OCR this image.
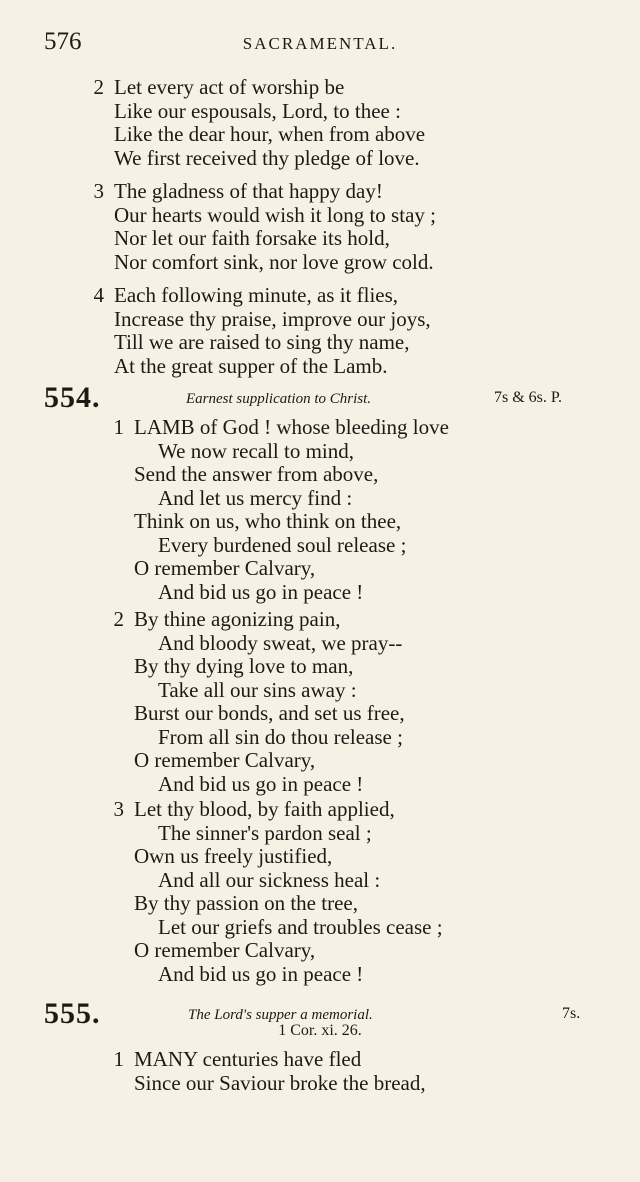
576	SACRAMENTAL.
2 Let every act of worship be
Like our espousals, Lord, to thee :
Like the dear hour, when from above
We first received thy pledge of love.
3 The gladness of that happy day!
Our hearts would wish it long to stay ;
Nor let our faith forsake its hold,
Nor comfort sink, nor love grow cold.
4 Each following minute, as it flies,
Increase thy praise, improve our joys,
Till we are raised to sing thy name,
At the great supper of the Lamb.
554.	Earnest supplication to Christ.	7s & 6s. P.
1 LAMB of God ! whose bleeding love
We now recall to mind,
Send the answer from above,
And let us mercy find :
Think on us, who think on thee,
Every burdened soul release ;
O remember Calvary,
And bid us go in peace !
2 By thine agonizing pain,
And bloody sweat, we pray--
By thy dying love to man,
Take all our sins away :
Burst our bonds, and set us free,
From all sin do thou release ;
O remember Calvary,
And bid us go in peace !
3 Let thy blood, by faith applied,
The sinner's pardon seal ;
Own us freely justified,
And all our sickness heal :
By thy passion on the tree,
Let our griefs and troubles cease ;
O remember Calvary,
And bid us go in peace !
555.	The Lord's supper a memorial.	7s.
1 Cor. xi. 26.
1 MANY centuries have fled
Since our Saviour broke the bread,
